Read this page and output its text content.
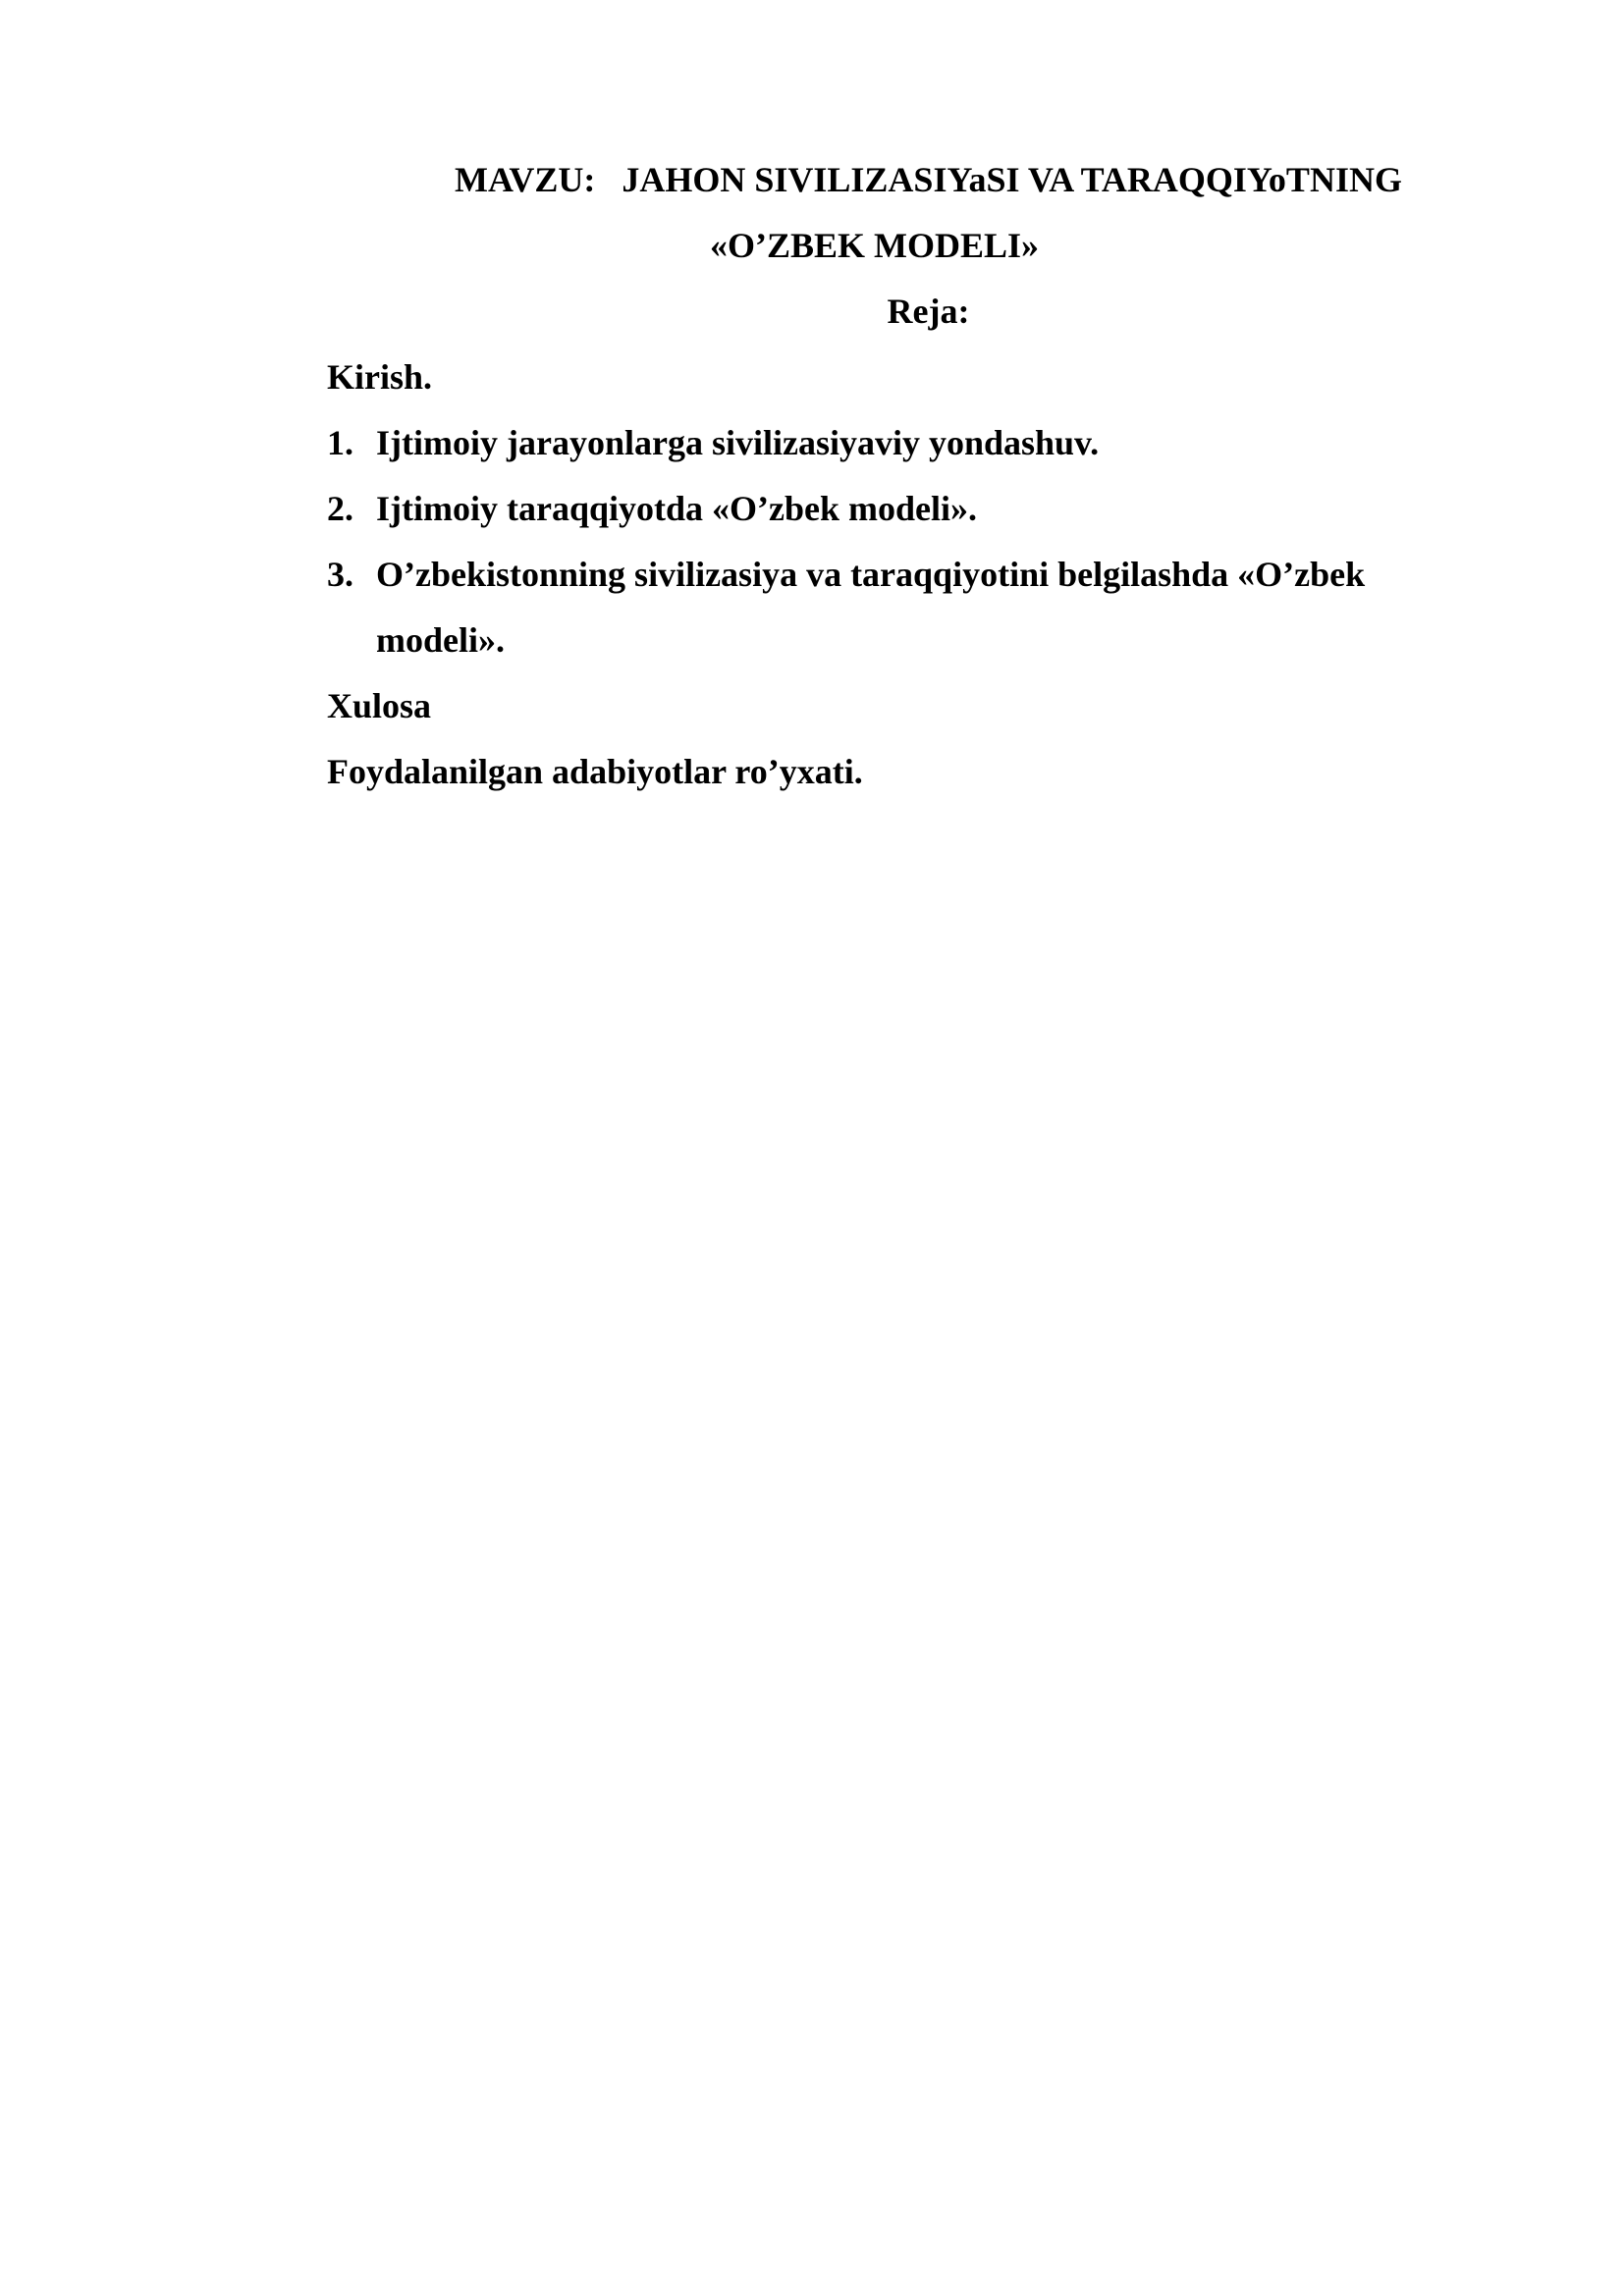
MAVZU:   JAHON SIVILIZASIYaSI VA TARAQQIYoTNING
«O’ZBEK MODELI»
Reja:
Kirish.
1. Ijtimoiy jarayonlarga sivilizasiyaviy yondashuv.
2. Ijtimoiy taraqqiyotda «O’zbek modeli».
3. O’zbekistonning sivilizasiya va taraqqiyotini belgilashda «O’zbek modeli».
Xulosa
Foydalanilgan adabiyotlar ro’yxati.
